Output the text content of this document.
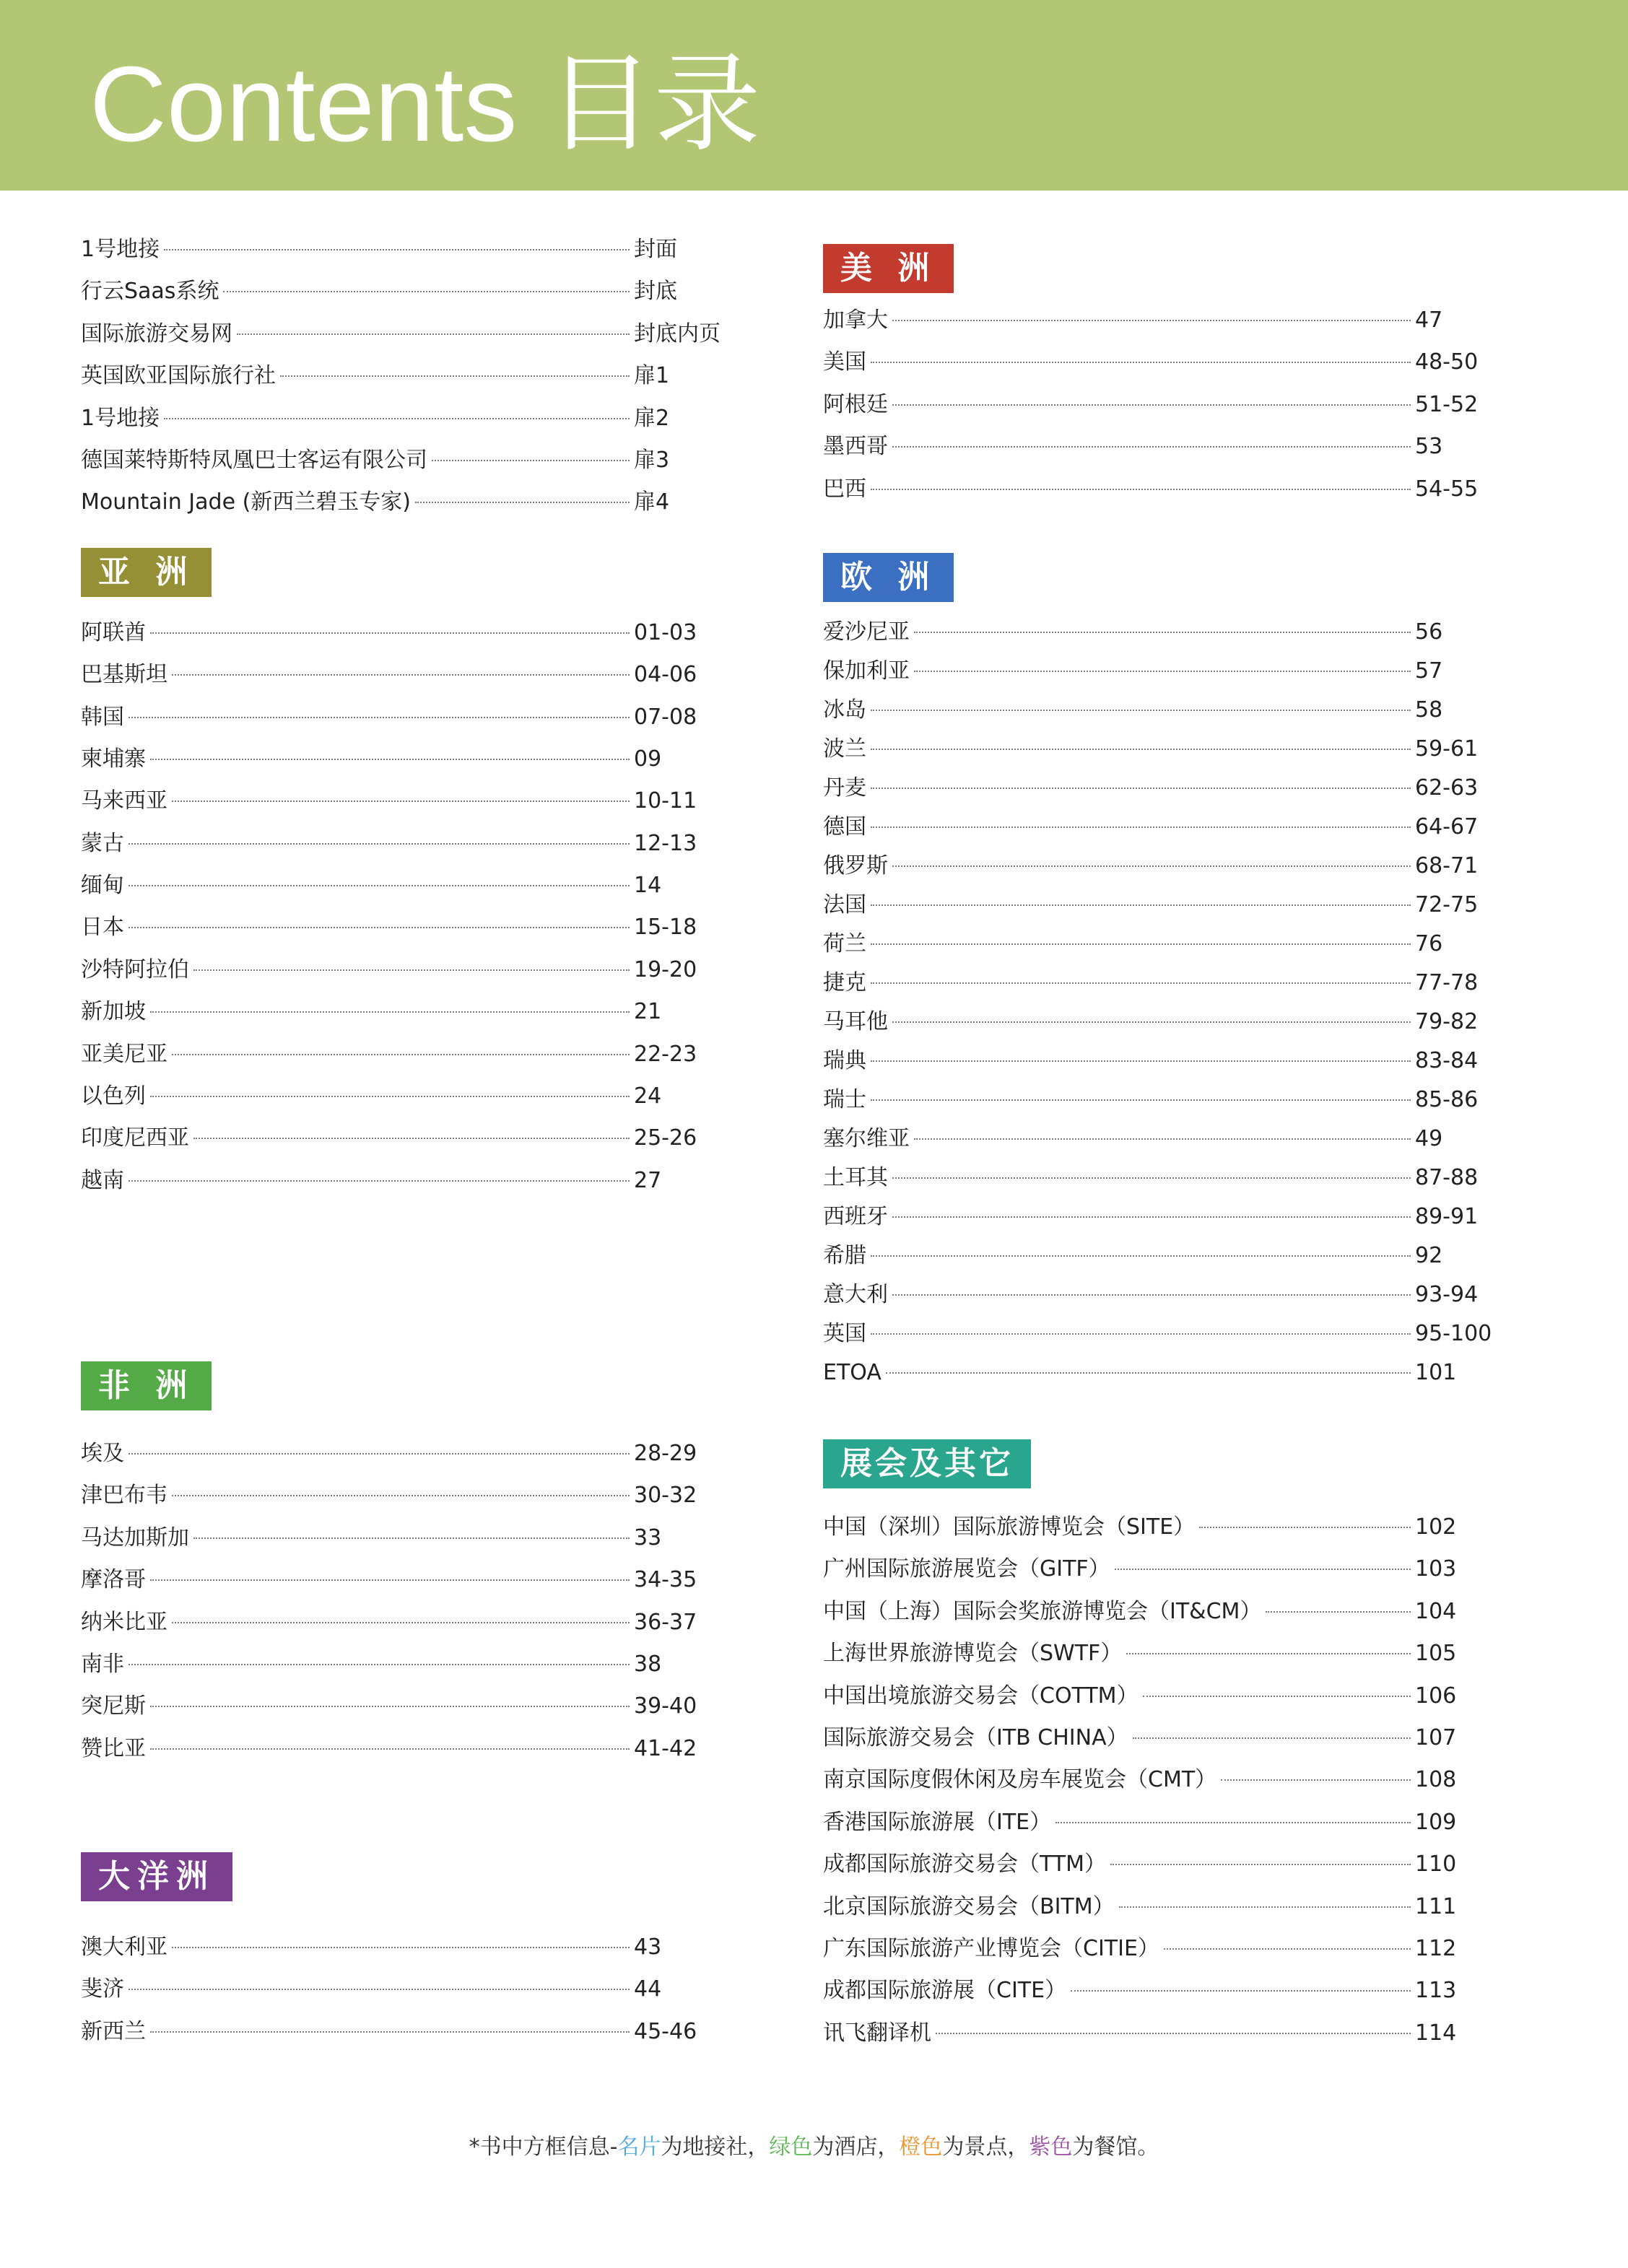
Contents 目录
1号地接	封面
行云Saas系统	封底
国际旅游交易网	封底内页
英国欧亚国际旅行社	扉1
1号地接	扉2
德国莱特斯特凤凰巴士客运有限公司	扉3
Mountain Jade (新西兰碧玉专家)	扉4
亚 洲
阿联酋	01-03
巴基斯坦	04-06
韩国	07-08
柬埔寨	09
马来西亚	10-11
蒙古	12-13
缅甸	14
日本	15-18
沙特阿拉伯	19-20
新加坡	21
亚美尼亚	22-23
以色列	24
印度尼西亚	25-26
越南	27
非 洲
埃及	28-29
津巴布韦	30-32
马达加斯加	33
摩洛哥	34-35
纳米比亚	36-37
南非	38
突尼斯	39-40
赞比亚	41-42
大洋洲
澳大利亚	43
斐济	44
新西兰	45-46
美 洲
加拿大	47
美国	48-50
阿根廷	51-52
墨西哥	53
巴西	54-55
欧 洲
爱沙尼亚	56
保加利亚	57
冰岛	58
波兰	59-61
丹麦	62-63
德国	64-67
俄罗斯	68-71
法国	72-75
荷兰	76
捷克	77-78
马耳他	79-82
瑞典	83-84
瑞士	85-86
塞尔维亚	49
土耳其	87-88
西班牙	89-91
希腊	92
意大利	93-94
英国	95-100
ETOA	101
展会及其它
中国（深圳）国际旅游博览会（SITE）	102
广州国际旅游展览会（GITF）	103
中国（上海）国际会奖旅游博览会（IT&CM）	104
上海世界旅游博览会（SWTF）	105
中国出境旅游交易会（COTTM）	106
国际旅游交易会（ITB CHINA）	107
南京国际度假休闲及房车展览会（CMT）	108
香港国际旅游展（ITE）	109
成都国际旅游交易会（TTM）	110
北京国际旅游交易会（BITM）	111
广东国际旅游产业博览会（CITIE）	112
成都国际旅游展（CITE）	113
讯飞翻译机	114
*书中方框信息-名片为地接社，绿色为酒店，橙色为景点，紫色为餐馆。
